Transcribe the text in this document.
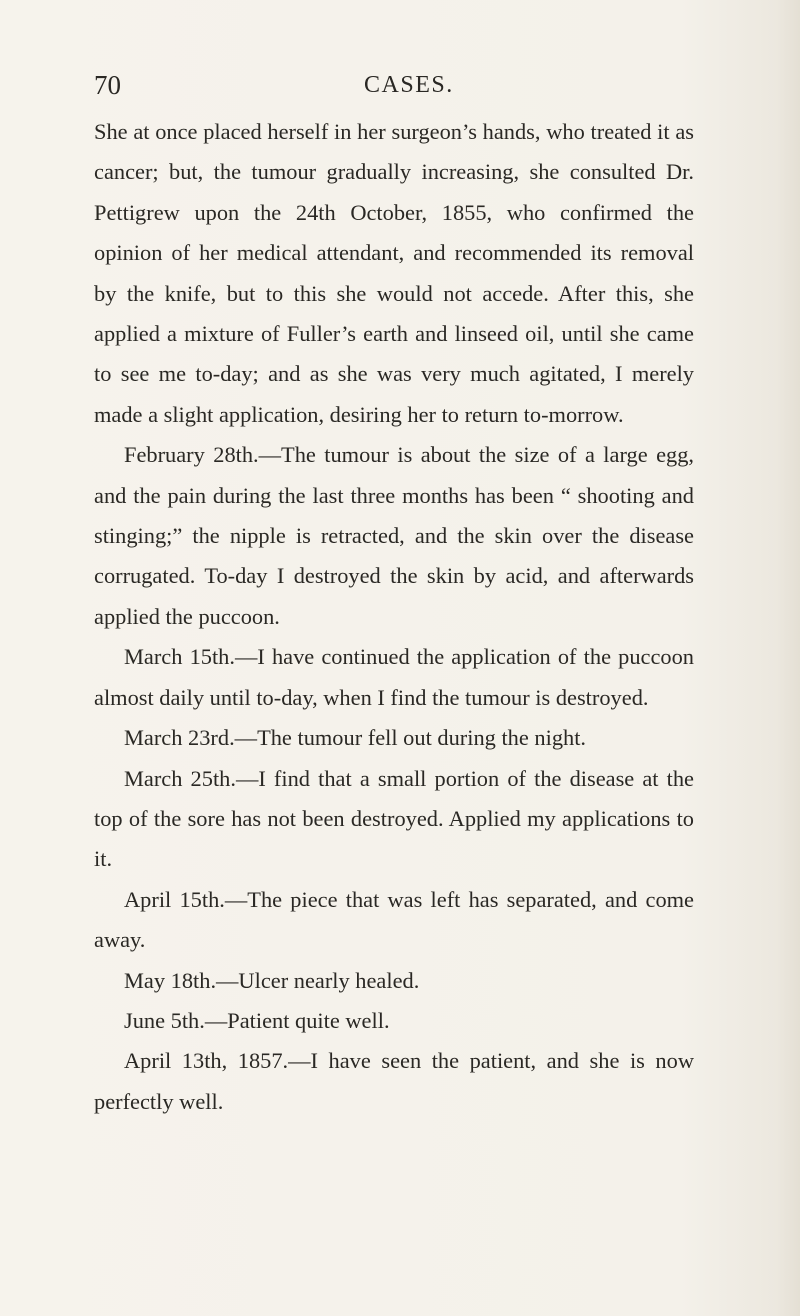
70	CASES.

She at once placed herself in her surgeon’s hands, who treated it as cancer; but, the tumour gradually increasing, she consulted Dr. Pettigrew upon the 24th October, 1855, who confirmed the opinion of her medical attendant, and recommended its removal by the knife, but to this she would not accede. After this, she applied a mixture of Fuller’s earth and linseed oil, until she came to see me to-day; and as she was very much agitated, I merely made a slight application, desiring her to return to-morrow.

February 28th.—The tumour is about the size of a large egg, and the pain during the last three months has been “ shooting and stinging;” the nipple is retracted, and the skin over the disease corrugated. To-day I destroyed the skin by acid, and afterwards applied the puccoon.

March 15th.—I have continued the application of the puccoon almost daily until to-day, when I find the tumour is destroyed.

March 23rd.—The tumour fell out during the night.

March 25th.—I find that a small portion of the disease at the top of the sore has not been destroyed. Applied my applications to it.

April 15th.—The piece that was left has separated, and come away.

May 18th.—Ulcer nearly healed.

June 5th.—Patient quite well.

April 13th, 1857.—I have seen the patient, and she is now perfectly well.
